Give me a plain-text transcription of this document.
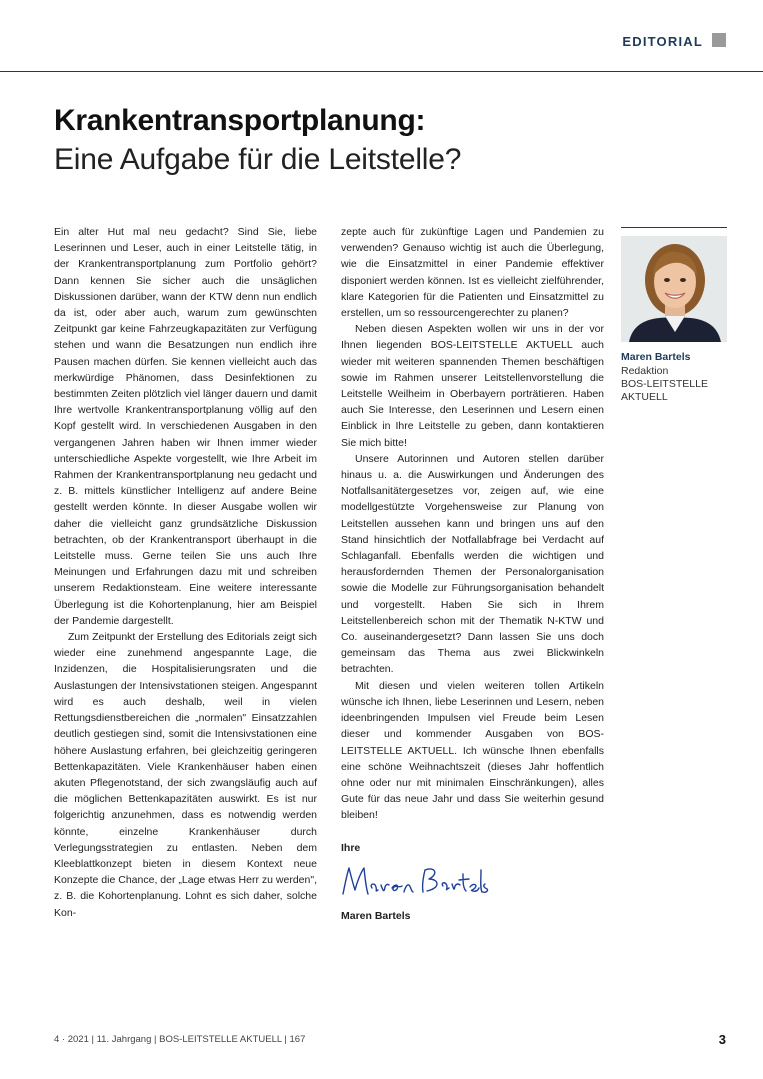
EDITORIAL
Krankentransportplanung:
Eine Aufgabe für die Leitstelle?

Ein alter Hut mal neu gedacht? Sind Sie, liebe Leserinnen und Leser, auch in einer Leitstelle tätig, in der Krankentransportplanung zum Portfolio gehört? Dann kennen Sie sicher auch die unsäglichen Diskussionen darüber, wann der KTW denn nun endlich da ist, oder aber auch, warum zum gewünschten Zeitpunkt gar keine Fahrzeugkapazitäten zur Verfügung stehen und wann die Besatzungen nun endlich ihre Pausen machen dürfen. Sie kennen vielleicht auch das merkwürdige Phänomen, dass Desinfektionen zu bestimmten Zeiten plötzlich viel länger dauern und damit Ihre wertvolle Krankentransportplanung völlig auf den Kopf gestellt wird. In verschiedenen Ausgaben in den vergangenen Jahren haben wir Ihnen immer wieder unterschiedliche Aspekte vorgestellt, wie Ihre Arbeit im Rahmen der Krankentransportplanung neu gedacht und z. B. mittels künstlicher Intelligenz auf andere Beine gestellt werden könnte. In dieser Ausgabe wollen wir daher die vielleicht ganz grundsätzliche Diskussion betrachten, ob der Krankentransport überhaupt in die Leitstelle muss. Gerne teilen Sie uns auch Ihre Meinungen und Erfahrungen dazu mit und schreiben unserem Redaktionsteam. Eine weitere interessante Überlegung ist die Kohortenplanung, hier am Beispiel der Pandemie dargestellt.

Zum Zeitpunkt der Erstellung des Editorials zeigt sich wieder eine zunehmend angespannte Lage, die Inzidenzen, die Hospitalisierungsraten und die Auslastungen der Intensivstationen steigen. Angespannt wird es auch deshalb, weil in vielen Rettungsdienstbereichen die „normalen" Einsatzzahlen deutlich gestiegen sind, somit die Intensivstationen eine höhere Auslastung erfahren, bei gleichzeitig geringeren Bettenkapazitäten. Viele Krankenhäuser haben einen akuten Pflegenotstand, der sich zwangsläufig auch auf die möglichen Bettenkapazitäten auswirkt. Es ist nur folgerichtig anzunehmen, dass es notwendig werden könnte, einzelne Krankenhäuser durch Verlegungsstrategien zu entlasten. Neben dem Kleeblattkonzept bieten in diesem Kontext neue Konzepte die Chance, der „Lage etwas Herr zu werden", z. B. die Kohortenplanung. Lohnt es sich daher, solche Kon-

zepte auch für zukünftige Lagen und Pandemien zu verwenden? Genauso wichtig ist auch die Überlegung, wie die Einsatzmittel in einer Pandemie effektiver disponiert werden können. Ist es vielleicht zielführender, klare Kategorien für die Patienten und Einsatzmittel zu erstellen, um so ressourcengerechter zu planen?

Neben diesen Aspekten wollen wir uns in der vor Ihnen liegenden BOS-LEITSTELLE AKTUELL auch wieder mit weiteren spannenden Themen beschäftigen sowie im Rahmen unserer Leitstellenvorstellung die Leitstelle Weilheim in Oberbayern porträtieren. Haben auch Sie Interesse, den Leserinnen und Lesern einen Einblick in Ihre Leitstelle zu geben, dann kontaktieren Sie mich bitte!

Unsere Autorinnen und Autoren stellen darüber hinaus u. a. die Auswirkungen und Änderungen des Notfallsanitätergesetzes vor, zeigen auf, wie eine modellgestützte Vorgehensweise zur Planung von Leitstellen aussehen kann und bringen uns auf den Stand hinsichtlich der Notfallabfrage bei Verdacht auf Schlaganfall. Ebenfalls werden die wichtigen und herausfordernden Themen der Personalorganisation sowie die Modelle zur Führungsorganisation behandelt und vorgestellt. Haben Sie sich in Ihrem Leitstellenbereich schon mit der Thematik N-KTW und Co. auseinandergesetzt? Dann lassen Sie uns doch gemeinsam das Thema aus zwei Blickwinkeln betrachten.

Mit diesen und vielen weiteren tollen Artikeln wünsche ich Ihnen, liebe Leserinnen und Lesern, neben ideenbringenden Impulsen viel Freude beim Lesen dieser und kommender Ausgaben von BOS-LEITSTELLE AKTUELL. Ich wünsche Ihnen ebenfalls eine schöne Weihnachtszeit (dieses Jahr hoffentlich ohne oder nur mit minimalen Einschränkungen), alles Gute für das neue Jahr und dass Sie weiterhin gesund bleiben!

Ihre

Maren Bartels

Maren Bartels
Redaktion
BOS-LEITSTELLE AKTUELL
4 · 2021 | 11. Jahrgang | BOS-LEITSTELLE AKTUELL | 167	3
